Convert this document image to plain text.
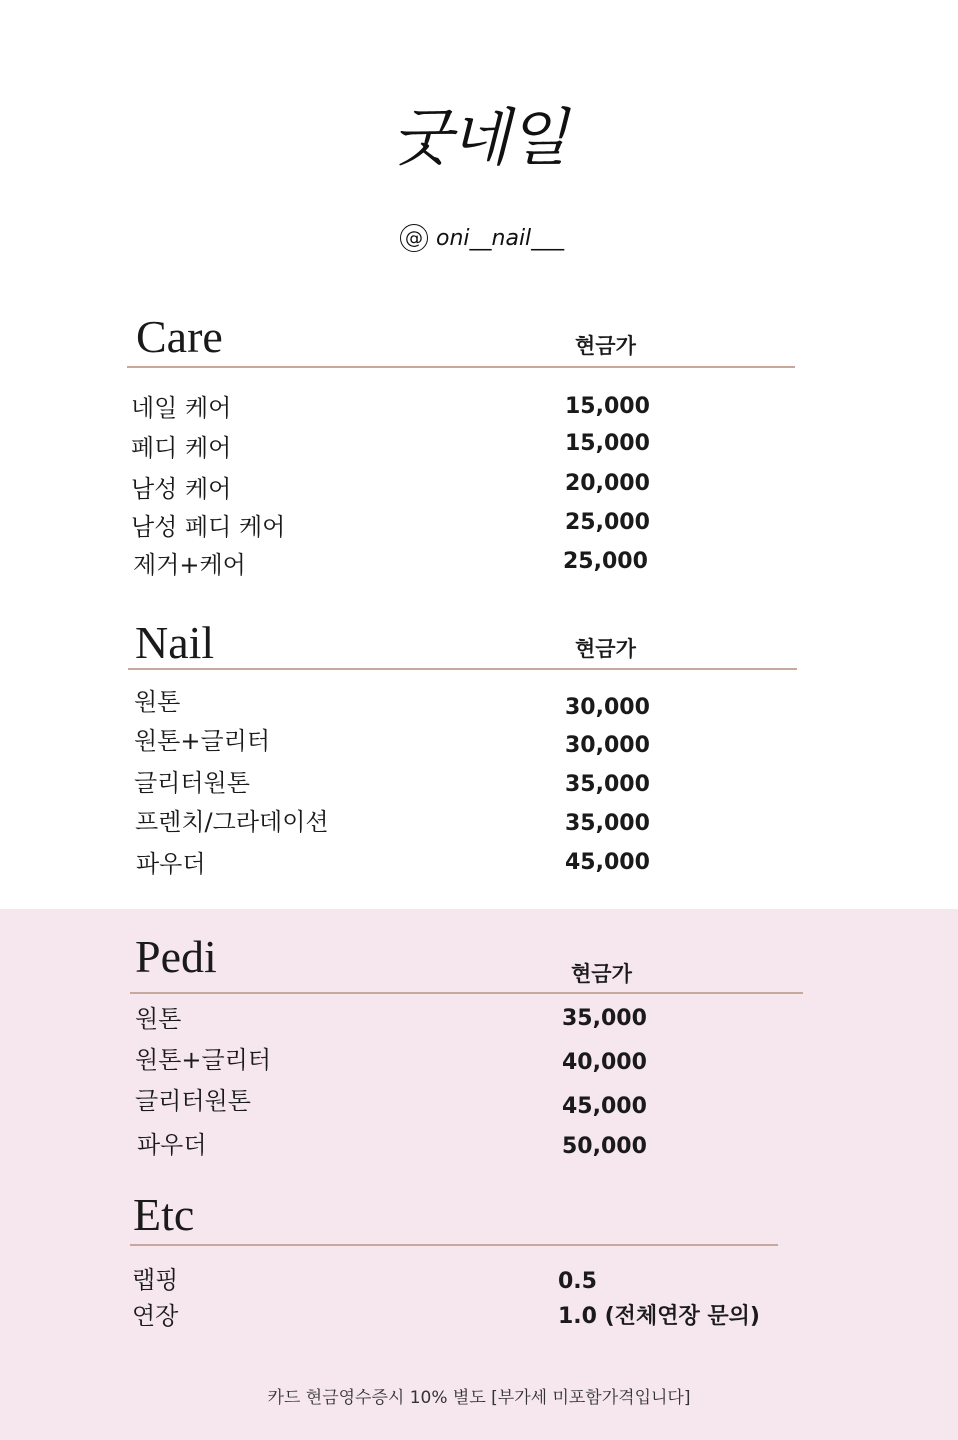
굿네일
@ oni__nail___
Care	현금가
네일 케어	15,000
페디 케어	15,000
남성 케어	20,000
남성 페디 케어	25,000
제거+케어	25,000
Nail	현금가
원톤	30,000
원톤+글리터	30,000
글리터원톤	35,000
프렌치/그라데이션	35,000
파우더	45,000
Pedi	현금가
원톤	35,000
원톤+글리터	40,000
글리터원톤	45,000
파우더	50,000
Etc
랩핑	0.5
연장	1.0 (전체연장 문의)
카드 현금영수증시 10% 별도 [부가세 미포함가격입니다]
